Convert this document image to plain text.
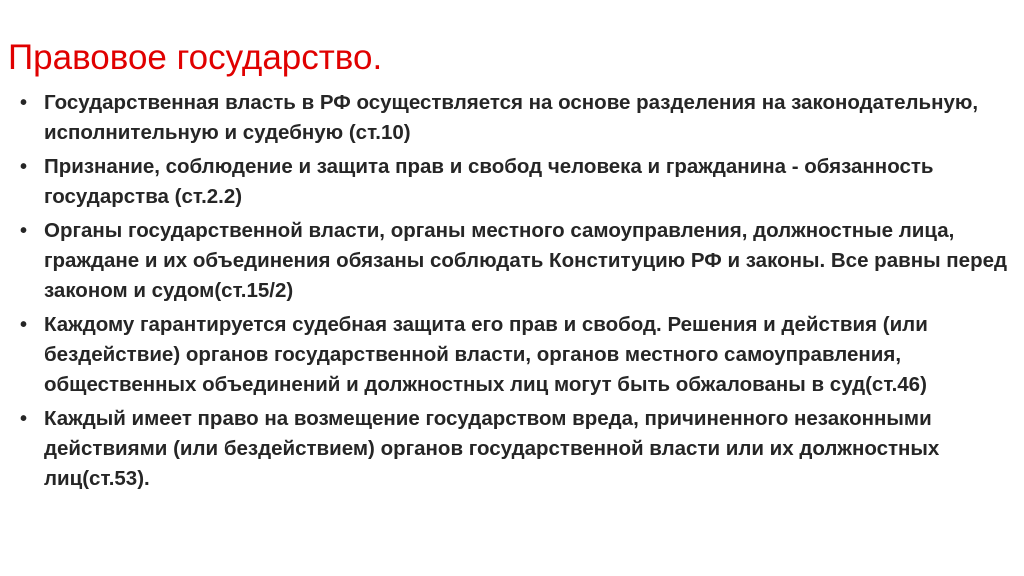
Правовое государство.
• Государственная власть в РФ осуществляется на основе разделения на законодательную, исполнительную и судебную (ст.10)
• Признание, соблюдение и защита прав и свобод человека и гражданина - обязанность государства (ст.2.2)
• Органы государственной власти, органы местного самоуправления, должностные лица, граждане и их объединения обязаны соблюдать Конституцию РФ и законы. Все равны перед законом и судом(ст.15/2)
• Каждому гарантируется судебная защита его прав и свобод. Решения и действия (или бездействие) органов государственной власти, органов местного самоуправления, общественных объединений и должностных лиц могут быть обжалованы в суд(ст.46)
• Каждый имеет право на возмещение государством вреда, причиненного незаконными действиями (или бездействием) органов государственной власти или их должностных лиц(ст.53).
